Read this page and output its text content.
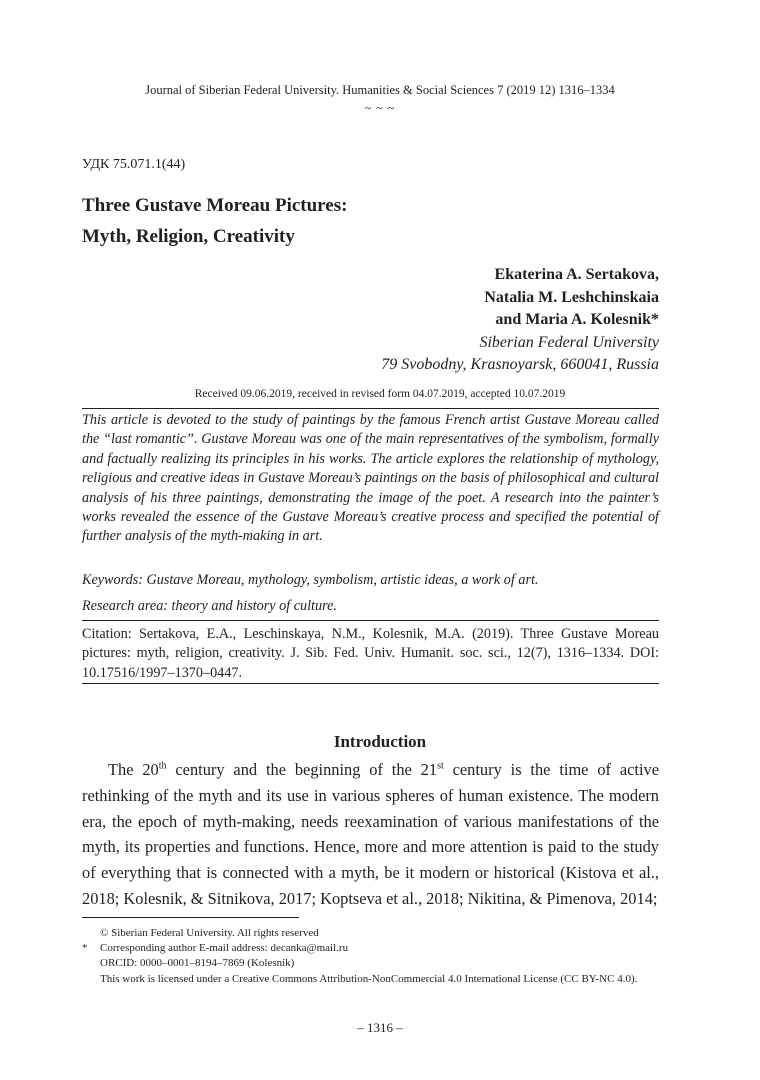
Journal of Siberian Federal University. Humanities & Social Sciences 7 (2019 12) 1316–1334
~ ~ ~
УДК 75.071.1(44)
Three Gustave Moreau Pictures:
Myth, Religion, Creativity
Ekaterina A. Sertakova,
Natalia M. Leshchinskaia
and Maria A. Kolesnik*
Siberian Federal University
79 Svobodny, Krasnoyarsk, 660041, Russia
Received 09.06.2019, received in revised form 04.07.2019, accepted 10.07.2019
This article is devoted to the study of paintings by the famous French artist Gustave Moreau called the “last romantic”. Gustave Moreau was one of the main representatives of the symbolism, formally and factually realizing its principles in his works. The article explores the relationship of mythology, religious and creative ideas in Gustave Moreau’s paintings on the basis of philosophical and cultural analysis of his three paintings, demonstrating the image of the poet. A research into the painter’s works revealed the essence of the Gustave Moreau’s creative process and specified the potential of further analysis of the myth-making in art.
Keywords: Gustave Moreau, mythology, symbolism, artistic ideas, a work of art.
Research area: theory and history of culture.
Citation: Sertakova, E.A., Leschinskaya, N.M., Kolesnik, M.A. (2019). Three Gustave Moreau pictures: myth, religion, creativity. J. Sib. Fed. Univ. Humanit. soc. sci., 12(7), 1316–1334. DOI: 10.17516/1997–1370–0447.
Introduction

The 20th century and the beginning of the 21st century is the time of active rethinking of the myth and its use in various spheres of human existence. The modern era, the epoch of myth-making, needs reexamination of various manifestations of the myth, its properties and functions. Hence, more and more attention is paid to the study of everything that is connected with a myth, be it modern or historical (Kistova et al., 2018; Kolesnik, & Sitnikova, 2017; Koptseva et al., 2018; Nikitina, & Pimenova, 2014;

© Siberian Federal University. All rights reserved
*	Corresponding author E-mail address: decanka@mail.ru
ORCID: 0000–0001–8194–7869 (Kolesnik)
This work is licensed under a Creative Commons Attribution-NonCommercial 4.0 International License (CC BY-NC 4.0).
– 1316 –
